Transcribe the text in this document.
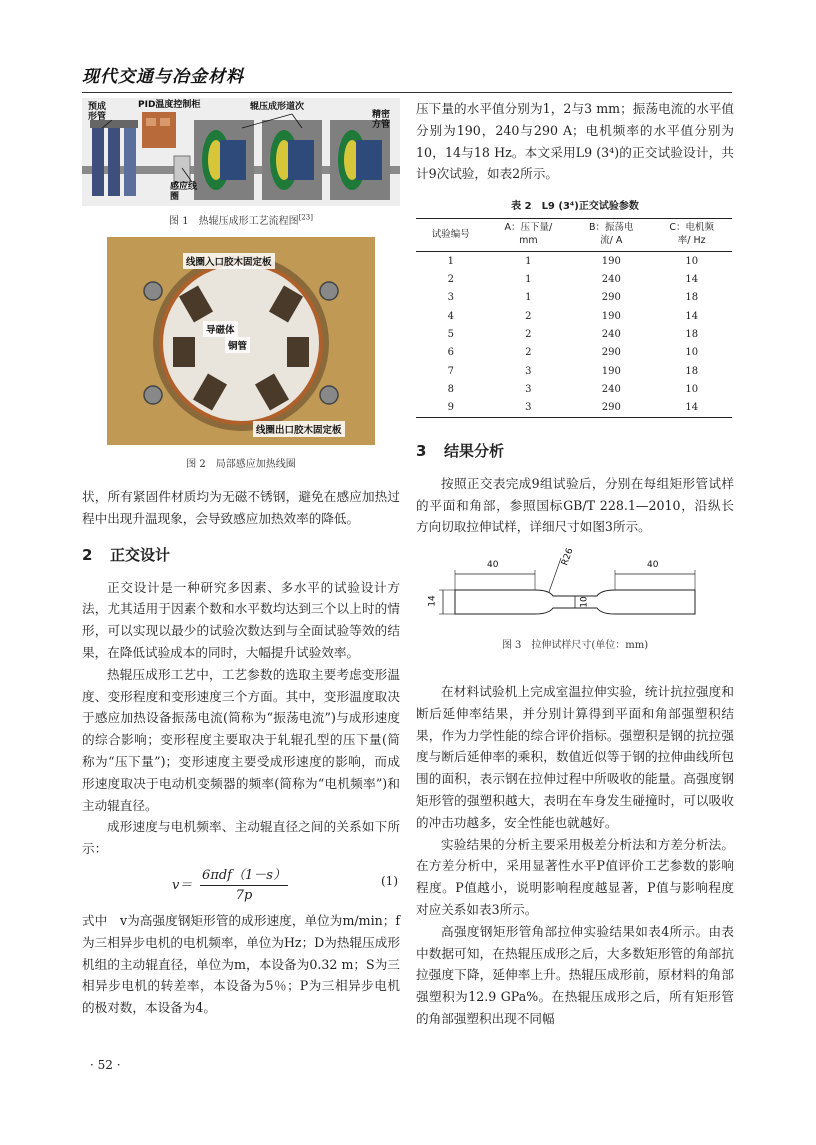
现代交通与冶金材料
预成
形管
PID温度控制柜	辊压成形道次
精密
方管
感应线
圈
图 1　热辊压成形工艺流程图[23]
线圈入口胶木固定板
导磁体
铜管
线圈出口胶木固定板
图 2　局部感应加热线圈

状，所有紧固件材质均为无磁不锈钢，避免在感应加热过程中出现升温现象，会导致感应加热效率的降低。

2 正交设计

正交设计是一种研究多因素、多水平的试验设计方法，尤其适用于因素个数和水平数均达到三个以上时的情形，可以实现以最少的试验次数达到与全面试验等效的结果，在降低试验成本的同时，大幅提升试验效率。

热辊压成形工艺中，工艺参数的选取主要考虑变形温度、变形程度和变形速度三个方面。其中，变形温度取决于感应加热设备振荡电流(简称为“振荡电流”)与成形速度的综合影响；变形程度主要取决于轧辊孔型的压下量(简称为“压下量”)；变形速度主要受成形速度的影响，而成形速度取决于电动机变频器的频率(简称为“电机频率”)和主动辊直径。

成形速度与电机频率、主动辊直径之间的关系如下所示：

v＝
6πdf（1－s）
7p
(1)

式中　v为高强度钢矩形管的成形速度，单位为m/min；f为三相异步电机的电机频率，单位为Hz；D为热辊压成形机组的主动辊直径，单位为m，本设备为0.32 m；S为三相异步电机的转差率，本设备为5％；P为三相异步电机的极对数，本设备为4。

压下量的水平值分别为1，2与3 mm；振荡电流的水平值分别为190，240与290 A；电机频率的水平值分别为10，14与18 Hz。本文采用L9 (3⁴)的正交试验设计，共计9次试验，如表2所示。

表 2　L9 (3⁴)正交试验参数
试验编号	A：压下量/
mm	B：振荡电
流/ A	C：电机频
率/ Hz
1	1	190	10
2	1	240	14
3	1	290	18
4	2	190	14
5	2	240	18
6	2	290	10
7	3	190	18
8	3	240	10
9	3	290	14
3 结果分析

按照正交表完成9组试验后，分别在每组矩形管试样的平面和角部，参照国标GB/T 228.1—2010，沿纵长方向切取拉伸试样，详细尺寸如图3所示。

40	40
R26
14	10
图 3　拉伸试样尺寸(单位：mm)

在材料试验机上完成室温拉伸实验，统计抗拉强度和断后延伸率结果，并分别计算得到平面和角部强塑积结果，作为力学性能的综合评价指标。强塑积是钢的抗拉强度与断后延伸率的乘积，数值近似等于钢的拉伸曲线所包围的面积，表示钢在拉伸过程中所吸收的能量。高强度钢矩形管的强塑积越大，表明在车身发生碰撞时，可以吸收的冲击功越多，安全性能也就越好。

实验结果的分析主要采用极差分析法和方差分析法。在方差分析中，采用显著性水平P值评价工艺参数的影响程度。P值越小，说明影响程度越显著，P值与影响程度对应关系如表3所示。

高强度钢矩形管角部拉伸实验结果如表4所示。由表中数据可知，在热辊压成形之后，大多数矩形管的角部抗拉强度下降，延伸率上升。热辊压成形前，原材料的角部强塑积为12.9 GPa%。在热辊压成形之后，所有矩形管的角部强塑积出现不同幅

· 52 ·
